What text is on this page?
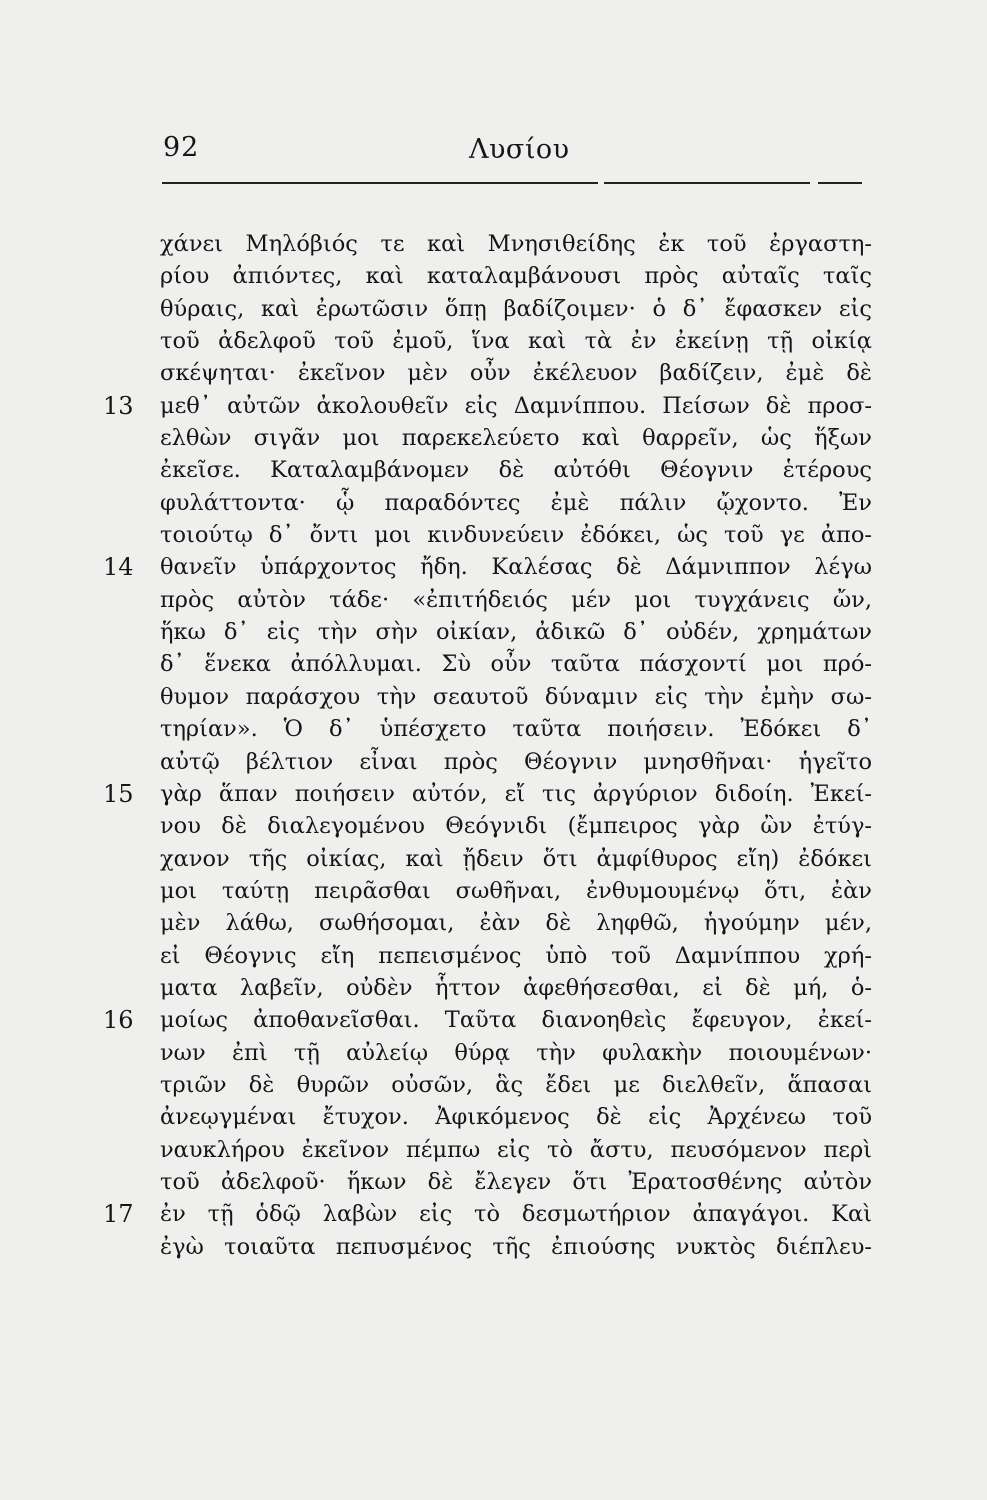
92	Λυσίου
χάνει Μηλόβιός τε καὶ Μνησιθείδης ἐκ τοῦ ἐργαστη-
ρίου ἀπιόντες, καὶ καταλαμβάνουσι πρὸς αὐταῖς ταῖς
θύραις, καὶ ἐρωτῶσιν ὅπῃ βαδίζοιμεν· ὁ δ᾽ ἔφασκεν εἰς
τοῦ ἀδελφοῦ τοῦ ἐμοῦ, ἵνα καὶ τὰ ἐν ἐκείνῃ τῇ οἰκίᾳ
σκέψηται· ἐκεῖνον μὲν οὖν ἐκέλευον βαδίζειν, ἐμὲ δὲ
13 μεθ᾽ αὐτῶν ἀκολουθεῖν εἰς Δαμνίππου. Πείσων δὲ προσ-
ελθὼν σιγᾶν μοι παρεκελεύετο καὶ θαρρεῖν, ὡς ἥξων
ἐκεῖσε. Καταλαμβάνομεν δὲ αὐτόθι Θέογνιν ἑτέρους
φυλάττοντα· ᾧ παραδόντες ἐμὲ πάλιν ᾤχοντο. Ἐν
τοιούτῳ δ᾽ ὄντι μοι κινδυνεύειν ἐδόκει, ὡς τοῦ γε ἀπο-
14 θανεῖν ὑπάρχοντος ἤδη. Καλέσας δὲ Δάμνιππον λέγω
πρὸς αὐτὸν τάδε· «ἐπιτήδειός μέν μοι τυγχάνεις ὤν,
ἥκω δ᾽ εἰς τὴν σὴν οἰκίαν, ἀδικῶ δ᾽ οὐδέν, χρημάτων
δ᾽ ἕνεκα ἀπόλλυμαι. Σὺ οὖν ταῦτα πάσχοντί μοι πρό-
θυμον παράσχου τὴν σεαυτοῦ δύναμιν εἰς τὴν ἐμὴν σω-
τηρίαν». Ὁ δ᾽ ὑπέσχετο ταῦτα ποιήσειν. Ἐδόκει δ᾽
αὐτῷ βέλτιον εἶναι πρὸς Θέογνιν μνησθῆναι· ἡγεῖτο
15 γὰρ ἅπαν ποιήσειν αὐτόν, εἴ τις ἀργύριον διδοίη. Ἐκεί-
νου δὲ διαλεγομένου Θεόγνιδι (ἔμπειρος γὰρ ὢν ἐτύγ-
χανον τῆς οἰκίας, καὶ ᾔδειν ὅτι ἀμφίθυρος εἴη) ἐδόκει
μοι ταύτῃ πειρᾶσθαι σωθῆναι, ἐνθυμουμένῳ ὅτι, ἐὰν
μὲν λάθω, σωθήσομαι, ἐὰν δὲ ληφθῶ, ἡγούμην μέν,
εἰ Θέογνις εἴη πεπεισμένος ὑπὸ τοῦ Δαμνίππου χρή-
ματα λαβεῖν, οὐδὲν ἧττον ἀφεθήσεσθαι, εἰ δὲ μή, ὁ-
16 μοίως ἀποθανεῖσθαι. Ταῦτα διανοηθεὶς ἔφευγον, ἐκεί-
νων ἐπὶ τῇ αὐλείῳ θύρᾳ τὴν φυλακὴν ποιουμένων·
τριῶν δὲ θυρῶν οὐσῶν, ἃς ἔδει με διελθεῖν, ἅπασαι
ἀνεῳγμέναι ἔτυχον. Ἀφικόμενος δὲ εἰς Ἀρχένεω τοῦ
ναυκλήρου ἐκεῖνον πέμπω εἰς τὸ ἄστυ, πευσόμενον περὶ
τοῦ ἀδελφοῦ· ἥκων δὲ ἔλεγεν ὅτι Ἐρατοσθένης αὐτὸν
17 ἐν τῇ ὁδῷ λαβὼν εἰς τὸ δεσμωτήριον ἀπαγάγοι. Καὶ
ἐγὼ τοιαῦτα πεπυσμένος τῆς ἐπιούσης νυκτὸς διέπλευ-
